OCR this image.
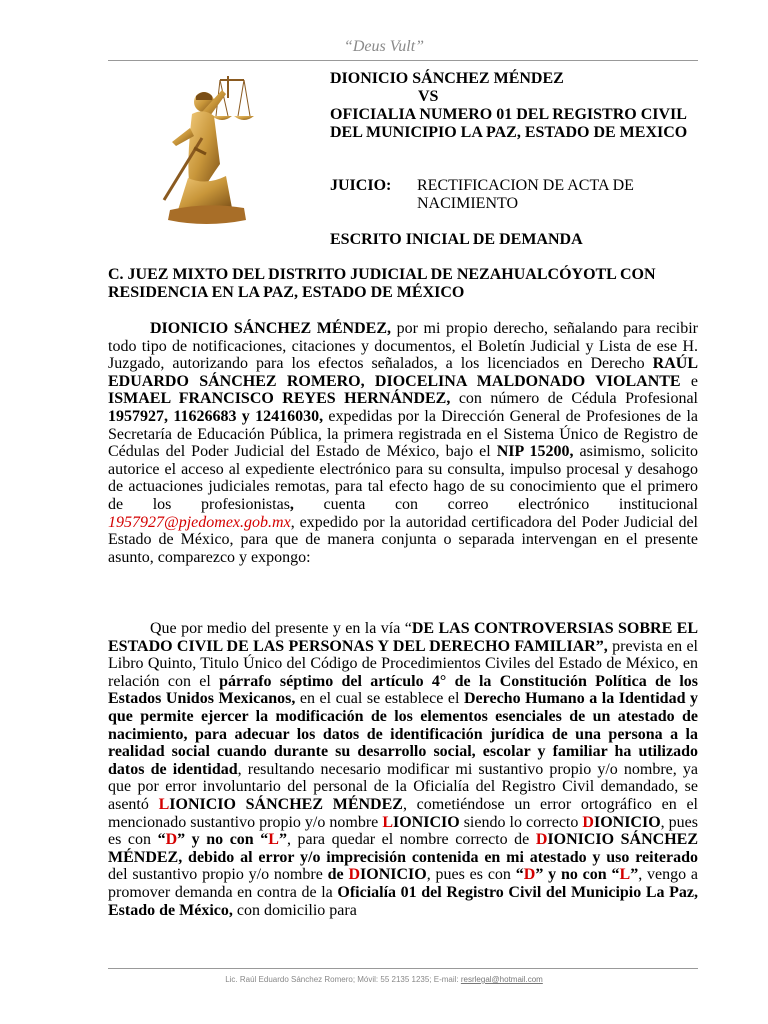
“Deus Vult”
DIONICIO SÁNCHEZ MÉNDEZ
VS
OFICIALIA NUMERO 01 DEL REGISTRO CIVIL DEL MUNICIPIO LA PAZ, ESTADO DE MEXICO
JUICIO: RECTIFICACION DE ACTA DE NACIMIENTO
ESCRITO INICIAL DE DEMANDA
C. JUEZ MIXTO DEL DISTRITO JUDICIAL DE NEZAHUALCÓYOTL CON RESIDENCIA EN LA PAZ, ESTADO DE MÉXICO
DIONICIO SÁNCHEZ MÉNDEZ, por mi propio derecho, señalando para recibir todo tipo de notificaciones, citaciones y documentos, el Boletín Judicial y Lista de ese H. Juzgado, autorizando para los efectos señalados, a los licenciados en Derecho RAÚL EDUARDO SÁNCHEZ ROMERO, DIOCELINA MALDONADO VIOLANTE e ISMAEL FRANCISCO REYES HERNÁNDEZ, con número de Cédula Profesional 1957927, 11626683 y 12416030, expedidas por la Dirección General de Profesiones de la Secretaría de Educación Pública, la primera registrada en el Sistema Único de Registro de Cédulas del Poder Judicial del Estado de México, bajo el NIP 15200, asimismo, solicito autorice el acceso al expediente electrónico para su consulta, impulso procesal y desahogo de actuaciones judiciales remotas, para tal efecto hago de su conocimiento que el primero de los profesionistas, cuenta con correo electrónico institucional 1957927@pjedomex.gob.mx, expedido por la autoridad certificadora del Poder Judicial del Estado de México, para que de manera conjunta o separada intervengan en el presente asunto, comparezco y expongo:
Que por medio del presente y en la vía “DE LAS CONTROVERSIAS SOBRE EL ESTADO CIVIL DE LAS PERSONAS Y DEL DERECHO FAMILIAR”, prevista en el Libro Quinto, Titulo Único del Código de Procedimientos Civiles del Estado de México, en relación con el párrafo séptimo del artículo 4° de la Constitución Política de los Estados Unidos Mexicanos, en el cual se establece el Derecho Humano a la Identidad y que permite ejercer la modificación de los elementos esenciales de un atestado de nacimiento, para adecuar los datos de identificación jurídica de una persona a la realidad social cuando durante su desarrollo social, escolar y familiar ha utilizado datos de identidad, resultando necesario modificar mi sustantivo propio y/o nombre, ya que por error involuntario del personal de la Oficialía del Registro Civil demandado, se asentó LIONICIO SÁNCHEZ MÉNDEZ, cometiéndose un error ortográfico en el mencionado sustantivo propio y/o nombre LIONICIO siendo lo correcto DIONICIO, pues es con “D” y no con “L”, para quedar el nombre correcto de DIONICIO SÁNCHEZ MÉNDEZ, debido al error y/o imprecisión contenida en mi atestado y uso reiterado del sustantivo propio y/o nombre de DIONICIO, pues es con “D” y no con “L”, vengo a promover demanda en contra de la Oficialía 01 del Registro Civil del Municipio La Paz, Estado de México, con domicilio para
Lic. Raúl Eduardo Sánchez Romero; Móvil: 55 2135 1235; E-mail: resrlegal@hotmail.com
